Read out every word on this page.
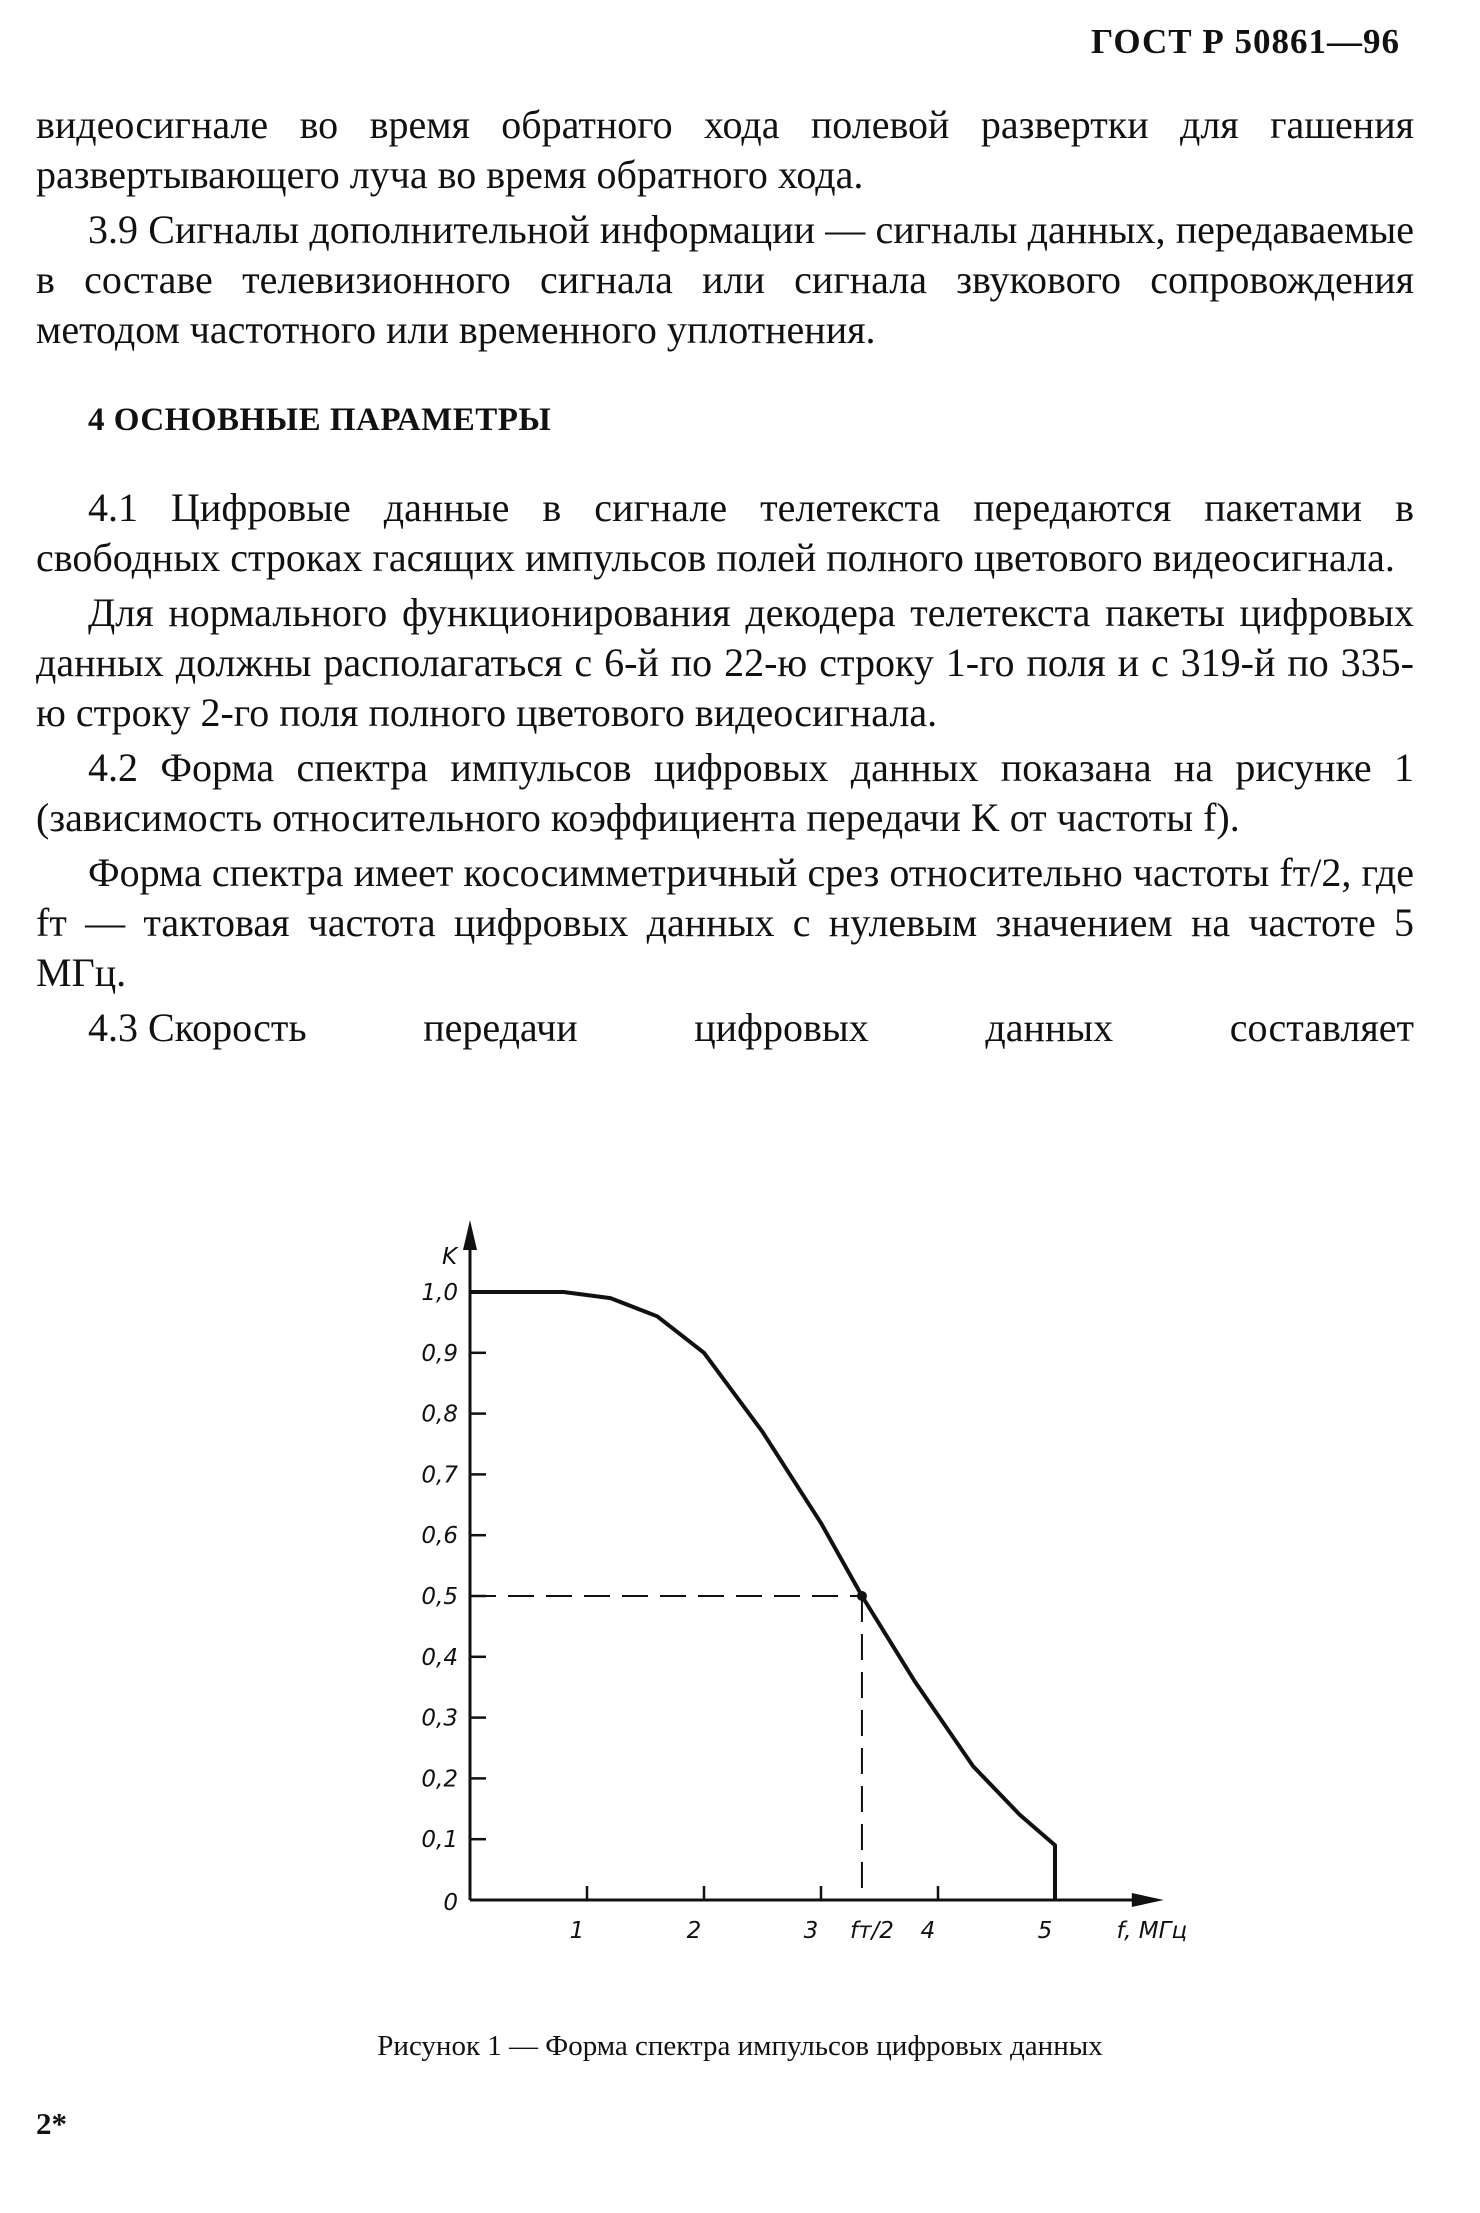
ГОСТ Р 50861—96

видеосигнале во время обратного хода полевой развертки для гашения развертывающего луча во время обратного хода.

3.9 Сигналы дополнительной информации — сигналы данных, передаваемые в составе телевизионного сигнала или сигнала звукового сопровождения методом частотного или временного уплотнения.

4 ОСНОВНЫЕ ПАРАМЕТРЫ

4.1 Цифровые данные в сигнале телетекста передаются пакетами в свободных строках гасящих импульсов полей полного цветового видеосигнала.

Для нормального функционирования декодера телетекста пакеты цифровых данных должны располагаться с 6-й по 22-ю строку 1-го поля и с 319-й по 335-ю строку 2-го поля полного цветового видеосигнала.

4.2 Форма спектра импульсов цифровых данных показана на рисунке 1 (зависимость относительного коэффициента передачи K от частоты f).

Форма спектра имеет кососимметричный срез относительно частоты fт/2, где fт — тактовая частота цифровых данных с нулевым значением на частоте 5 МГц.

4.3 Скорость	передачи	цифровых	данных	составляет
0
0,1
0,2
0,3
0,4
0,5
0,6
0,7
0,8
0,9
1,0
K
1	2	3	4	5
fт/2	f, МГц
Рисунок 1 — Форма спектра импульсов цифровых данных
2*
